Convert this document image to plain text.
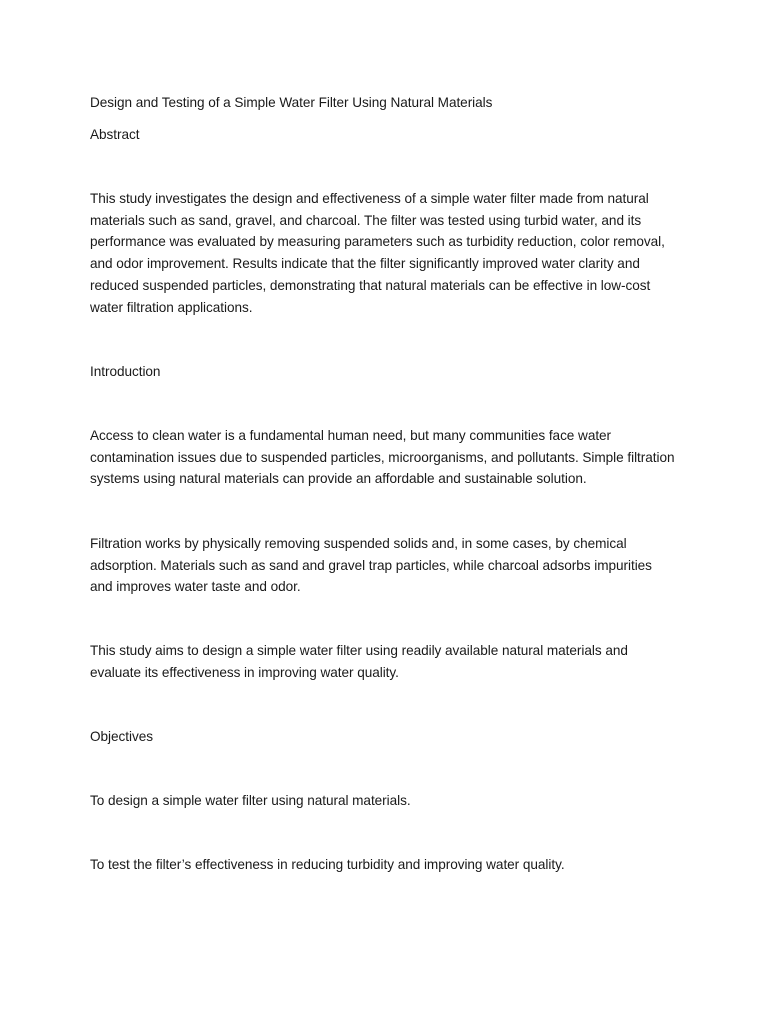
Design and Testing of a Simple Water Filter Using Natural Materials
Abstract

This study investigates the design and effectiveness of a simple water filter made from natural materials such as sand, gravel, and charcoal. The filter was tested using turbid water, and its performance was evaluated by measuring parameters such as turbidity reduction, color removal, and odor improvement. Results indicate that the filter significantly improved water clarity and reduced suspended particles, demonstrating that natural materials can be effective in low-cost water filtration applications.

Introduction

Access to clean water is a fundamental human need, but many communities face water contamination issues due to suspended particles, microorganisms, and pollutants. Simple filtration systems using natural materials can provide an affordable and sustainable solution.

Filtration works by physically removing suspended solids and, in some cases, by chemical adsorption. Materials such as sand and gravel trap particles, while charcoal adsorbs impurities and improves water taste and odor.

This study aims to design a simple water filter using readily available natural materials and evaluate its effectiveness in improving water quality.

Objectives
To design a simple water filter using natural materials.
To test the filter’s effectiveness in reducing turbidity and improving water quality.
